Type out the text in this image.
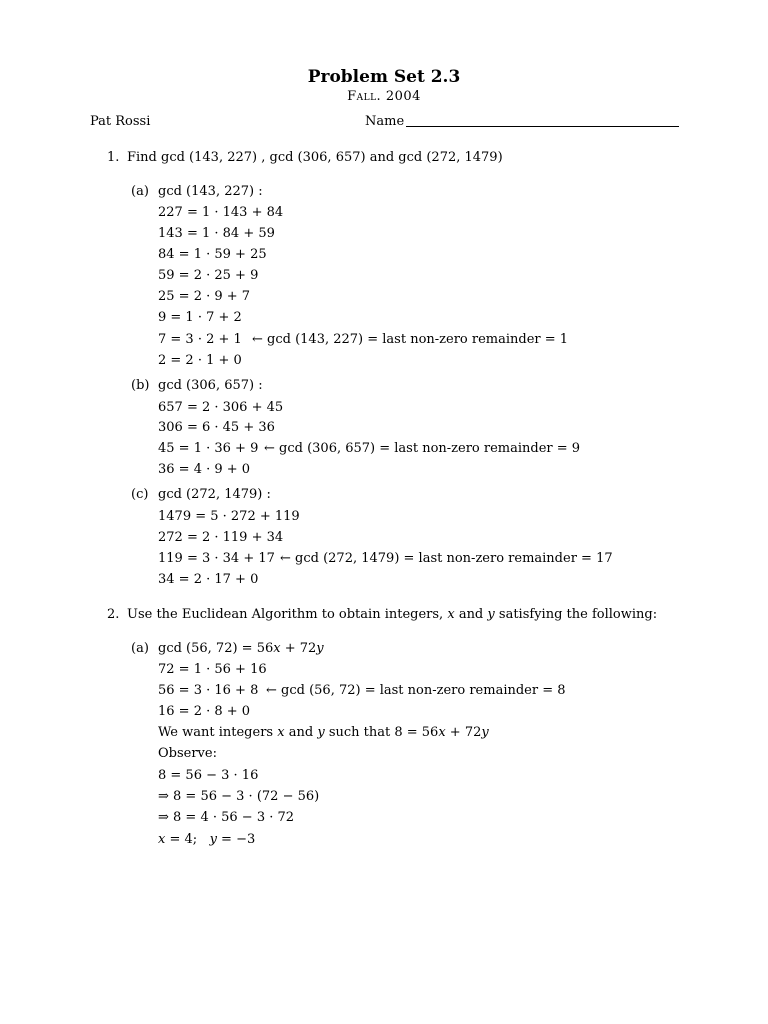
Problem Set 2.3
Fall. 2004
Pat Rossi	Name
1. Find gcd (143, 227) , gcd (306, 657) and gcd (272, 1479)
(a) gcd (143, 227) :
227 = 1 · 143 + 84
143 = 1 · 84 + 59
84 = 1 · 59 + 25
59 = 2 · 25 + 9
25 = 2 · 9 + 7
9 = 1 · 7 + 2
7 = 3 · 2 + 1 ← gcd (143, 227) = last non-zero remainder = 1
2 = 2 · 1 + 0
(b) gcd (306, 657) :
657 = 2 · 306 + 45
306 = 6 · 45 + 36
45 = 1 · 36 + 9 ← gcd (306, 657) = last non-zero remainder = 9
36 = 4 · 9 + 0
(c) gcd (272, 1479) :
1479 = 5 · 272 + 119
272 = 2 · 119 + 34
119 = 3 · 34 + 17 ← gcd (272, 1479) = last non-zero remainder = 17
34 = 2 · 17 + 0
2. Use the Euclidean Algorithm to obtain integers, x and y satisfying the following:
(a) gcd (56, 72) = 56x + 72y
72 = 1 · 56 + 16
56 = 3 · 16 + 8 ← gcd (56, 72) = last non-zero remainder = 8
16 = 2 · 8 + 0
We want integers x and y such that 8 = 56x + 72y
Observe:
8 = 56 − 3 · 16
⇒ 8 = 56 − 3 · (72 − 56)
⇒ 8 = 4 · 56 − 3 · 72
x = 4; y = −3
